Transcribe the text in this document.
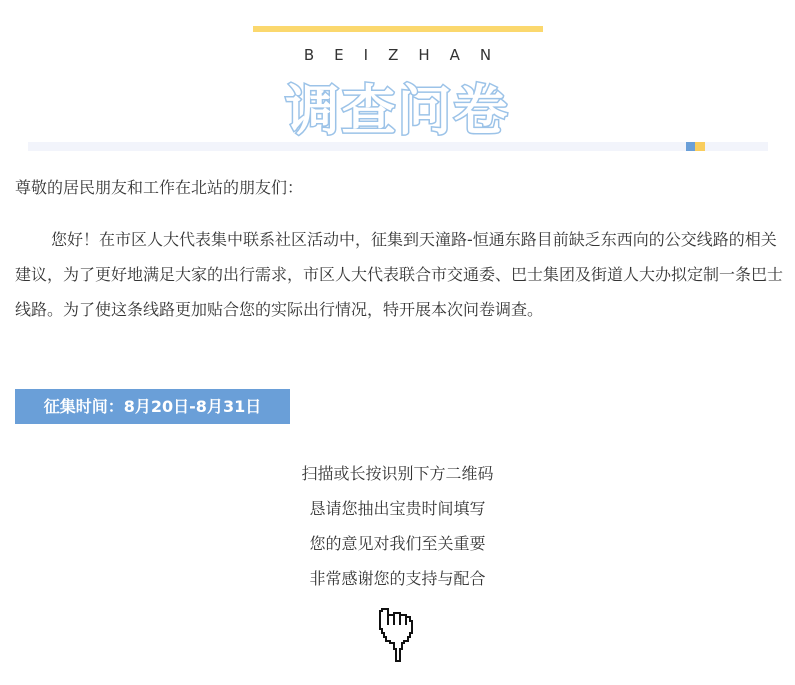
BEIZHAN
调查问卷
尊敬的居民朋友和工作在北站的朋友们：
您好！在市区人大代表集中联系社区活动中，征集到天潼路-恒通东路目前缺乏东西向的公交线路的相关建议，为了更好地满足大家的出行需求，市区人大代表联合市交通委、巴士集团及街道人大办拟定制一条巴士线路。为了使这条线路更加贴合您的实际出行情况，特开展本次问卷调查。
征集时间：8月20日-8月31日
扫描或长按识别下方二维码
恳请您抽出宝贵时间填写
您的意见对我们至关重要
非常感谢您的支持与配合
